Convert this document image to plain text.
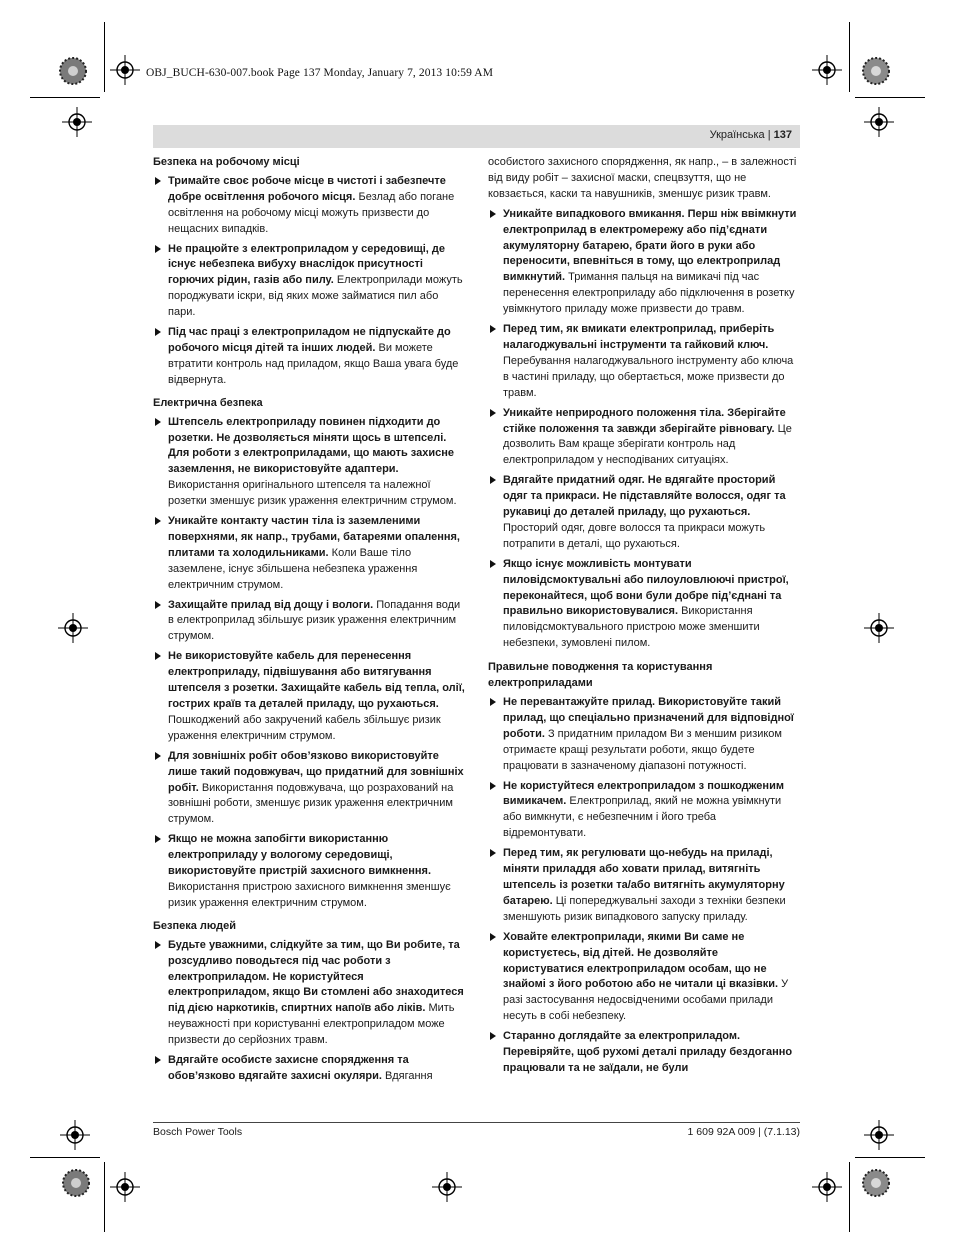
OBJ_BUCH-630-007.book Page 137 Monday, January 7, 2013 10:59 AM
Українська | 137
Безпека на робочому місці
Тримайте своє робоче місце в чистоті і забезпечте добре освітлення робочого місця. Безлад або погане освітлення на робочому місці можуть призвести до нещасних випадків.
Не працюйте з електроприладом у середовищі, де існує небезпека вибуху внаслідок присутності горючих рідин, газів або пилу. Електроприлади можуть породжувати іскри, від яких може займатися пил або пари.
Під час праці з електроприладом не підпускайте до робочого місця дітей та інших людей. Ви можете втратити контроль над приладом, якщо Ваша увага буде відвернута.
Електрична безпека
Штепсель електроприладу повинен підходити до розетки. Не дозволяється міняти щось в штепселі. Для роботи з електроприладами, що мають захисне заземлення, не використовуйте адаптери. Використання оригінального штепселя та належної розетки зменшує ризик ураження електричним струмом.
Уникайте контакту частин тіла із заземленими поверхнями, як напр., трубами, батареями опалення, плитами та холодильниками. Коли Ваше тіло заземлене, існує збільшена небезпека ураження електричним струмом.
Захищайте прилад від дощу і вологи. Попадання води в електроприлад збільшує ризик ураження електричним струмом.
Не використовуйте кабель для перенесення електроприладу, підвішування або витягування штепселя з розетки. Захищайте кабель від тепла, олії, гострих країв та деталей приладу, що рухаються. Пошкоджений або закручений кабель збільшує ризик ураження електричним струмом.
Для зовнішніх робіт обов’язково використовуйте лише такий подовжувач, що придатний для зовнішніх робіт. Використання подовжувача, що розрахований на зовнішні роботи, зменшує ризик ураження електричним струмом.
Якщо не можна запобігти використанню електроприладу у вологому середовищі, використовуйте пристрій захисного вимкнення. Використання пристрою захисного вимкнення зменшує ризик ураження електричним струмом.
Безпека людей
Будьте уважними, слідкуйте за тим, що Ви робите, та розсудливо поводьтеся під час роботи з електроприладом. Не користуйтеся електроприладом, якщо Ви стомлені або знаходитеся під дією наркотиків, спиртних напоїв або ліків. Мить неуважності при користуванні електроприладом може призвести до серйозних травм.
Вдягайте особисте захисне спорядження та обов’язково вдягайте захисні окуляри. Вдягання
особистого захисного спорядження, як напр., – в залежності від виду робіт – захисної маски, спецвзуття, що не ковзається, каски та навушників, зменшує ризик травм.
Уникайте випадкового вмикання. Перш ніж ввімкнути електроприлад в електромережу або під’єднати акумуляторну батарею, брати його в руки або переносити, впевніться в тому, що електроприлад вимкнутий. Тримання пальця на вимикачі під час перенесення електроприладу або підключення в розетку увімкнутого приладу може призвести до травм.
Перед тим, як вмикати електроприлад, приберіть налагоджувальні інструменти та гайковий ключ. Перебування налагоджувального інструменту або ключа в частині приладу, що обертається, може призвести до травм.
Уникайте неприродного положення тіла. Зберігайте стійке положення та завжди зберігайте рівновагу. Це дозволить Вам краще зберігати контроль над електроприладом у несподіваних ситуаціях.
Вдягайте придатний одяг. Не вдягайте просторий одяг та прикраси. Не підставляйте волосся, одяг та рукавиці до деталей приладу, що рухаються. Просторий одяг, довге волосся та прикраси можуть потрапити в деталі, що рухаються.
Якщо існує можливість монтувати пиловідсмоктувальні або пилоуловлюючі пристрої, переконайтеся, щоб вони були добре під’єднані та правильно використовувалися. Використання пиловідсмоктувального пристрою може зменшити небезпеки, зумовлені пилом.
Правильне поводження та користування електроприладами
Не перевантажуйте прилад. Використовуйте такий прилад, що спеціально призначений для відповідної роботи. З придатним приладом Ви з меншим ризиком отримаєте кращі результати роботи, якщо будете працювати в зазначеному діапазоні потужності.
Не користуйтеся електроприладом з пошкодженим вимикачем. Електроприлад, який не можна увімкнути або вимкнути, є небезпечним і його треба відремонтувати.
Перед тим, як регулювати що-небудь на приладі, міняти приладдя або ховати прилад, витягніть штепсель із розетки та/або витягніть акумуляторну батарею. Ці попереджувальні заходи з техніки безпеки зменшують ризик випадкового запуску приладу.
Ховайте електроприлади, якими Ви саме не користуєтесь, від дітей. Не дозволяйте користуватися електроприладом особам, що не знайомі з його роботою або не читали ці вказівки. У разі застосування недосвідченими особами прилади несуть в собі небезпеку.
Старанно доглядайте за електроприладом. Перевіряйте, щоб рухомі деталі приладу бездоганно працювали та не заїдали, не були
Bosch Power Tools	1 609 92A 009 | (7.1.13)
